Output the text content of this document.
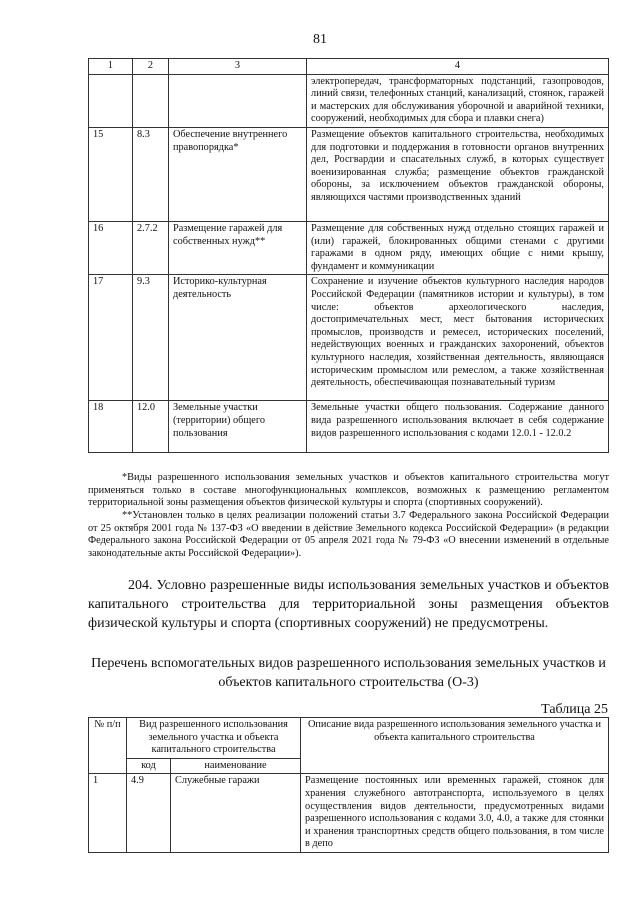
81
1	2	3	4
			электропередач, трансформаторных подстанций, газопроводов, линий связи, телефонных станций, канализаций, стоянок, гаражей и мастерских для обслуживания уборочной и аварийной техники, сооружений, необходимых для сбора и плавки снега)
15	8.3	Обеспечение внутреннего правопорядка*	Размещение объектов капитального строительства, необходимых для подготовки и поддержания в готовности органов внутренних дел, Росгвардии и спасательных служб, в которых существует военизированная служба; размещение объектов гражданской обороны, за исключением объектов гражданской обороны, являющихся частями производственных зданий
16	2.7.2	Размещение гаражей для собственных нужд**	Размещение для собственных нужд отдельно стоящих гаражей и (или) гаражей, блокированных общими стенами с другими гаражами в одном ряду, имеющих общие с ними крышу, фундамент и коммуникации
17	9.3	Историко-культурная деятельность	Сохранение и изучение объектов культурного наследия народов Российской Федерации (памятников истории и культуры), в том числе: объектов археологического наследия, достопримечательных мест, мест бытования исторических промыслов, производств и ремесел, исторических поселений, недействующих военных и гражданских захоронений, объектов культурного наследия, хозяйственная деятельность, являющаяся историческим промыслом или ремеслом, а также хозяйственная деятельность, обеспечивающая познавательный туризм
18	12.0	Земельные участки (территории) общего пользования	Земельные участки общего пользования. Содержание данного вида разрешенного использования включает в себя содержание видов разрешенного использования с кодами 12.0.1 - 12.0.2
*Виды разрешенного использования земельных участков и объектов капитального строительства могут применяться только в составе многофункциональных комплексов, возможных к размещению регламентом территориальной зоны размещения объектов физической культуры и спорта (спортивных сооружений).
**Установлен только в целях реализации положений статьи 3.7 Федерального закона Российской Федерации от 25 октября 2001 года № 137-ФЗ «О введении в действие Земельного кодекса Российской Федерации» (в редакции Федерального закона Российской Федерации от 05 апреля 2021 года № 79-ФЗ «О внесении изменений в отдельные законодательные акты Российской Федерации»).
204. Условно разрешенные виды использования земельных участков и объектов капитального строительства для территориальной зоны размещения объектов физической культуры и спорта (спортивных сооружений) не предусмотрены.
Перечень вспомогательных видов разрешенного использования земельных участков и объектов капитального строительства (О-3)
Таблица 25
№ п/п	Вид разрешенного использования земельного участка и объекта капитального строительства		Описание вида разрешенного использования земельного участка и объекта капитального строительства
	код	наименование	
1	4.9	Служебные гаражи	Размещение постоянных или временных гаражей, стоянок для хранения служебного автотранспорта, используемого в целях осуществления видов деятельности, предусмотренных видами разрешенного использования с кодами 3.0, 4.0, а также для стоянки и хранения транспортных средств общего пользования, в том числе в депо
